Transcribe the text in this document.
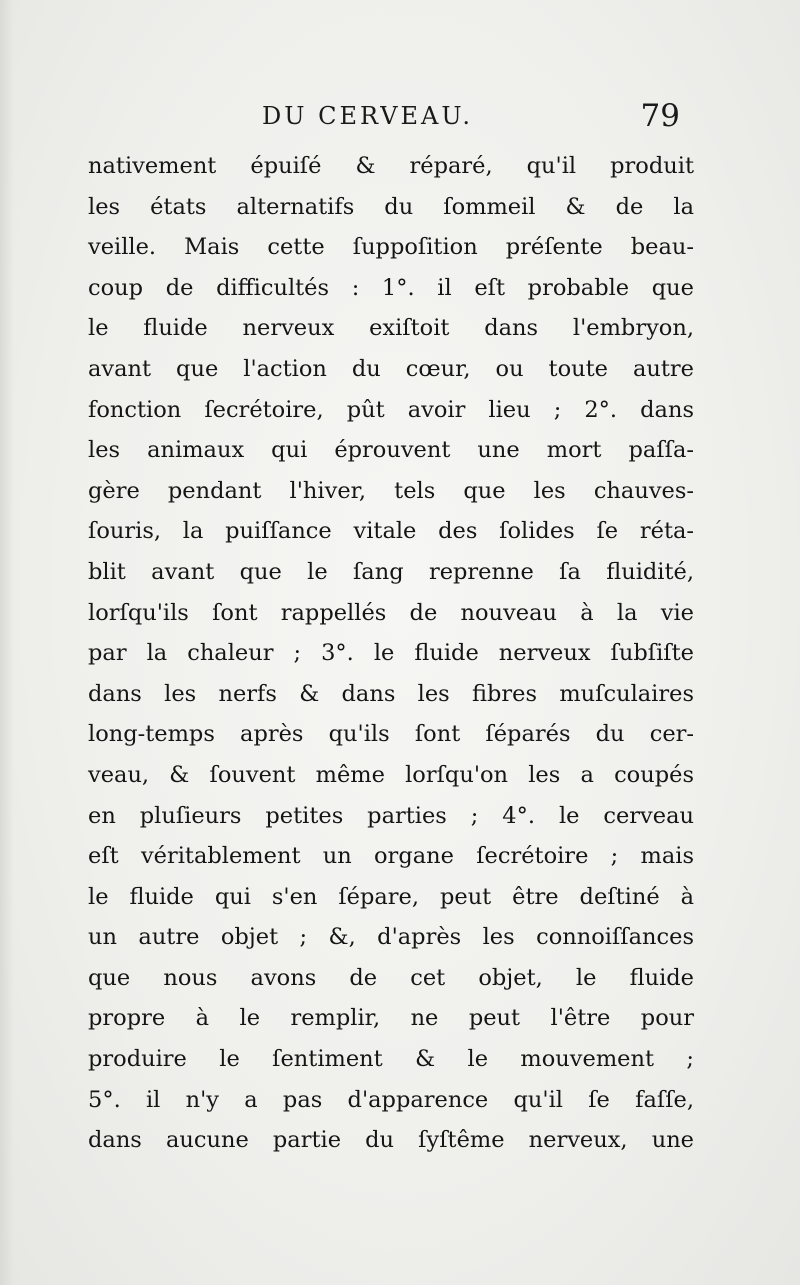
DU CERVEAU.	79
nativement épuiſé & réparé, qu'il produit
les états alternatifs du ſommeil & de la
veille. Mais cette ſuppoſition préſente beau-
coup de difficultés : 1°. il eſt probable que
le fluide nerveux exiſtoit dans l'embryon,
avant que l'action du cœur, ou toute autre
fonction ſecrétoire, pût avoir lieu ; 2°. dans
les animaux qui éprouvent une mort paſſa-
gère pendant l'hiver, tels que les chauves-
ſouris, la puiſſance vitale des ſolides ſe réta-
blit avant que le ſang reprenne ſa fluidité,
lorſqu'ils ſont rappellés de nouveau à la vie
par la chaleur ; 3°. le fluide nerveux ſubſiſte
dans les nerfs & dans les fibres muſculaires
long-temps après qu'ils ſont ſéparés du cer-
veau, & ſouvent même lorſqu'on les a coupés
en pluſieurs petites parties ; 4°. le cerveau
eſt véritablement un organe ſecrétoire ; mais
le fluide qui s'en ſépare, peut être deſtiné à
un autre objet ; &, d'après les connoiſſances
que nous avons de cet objet, le fluide
propre à le remplir, ne peut l'être pour
produire le ſentiment & le mouvement ;
5°. il n'y a pas d'apparence qu'il ſe faſſe,
dans aucune partie du ſyſtême nerveux, une
